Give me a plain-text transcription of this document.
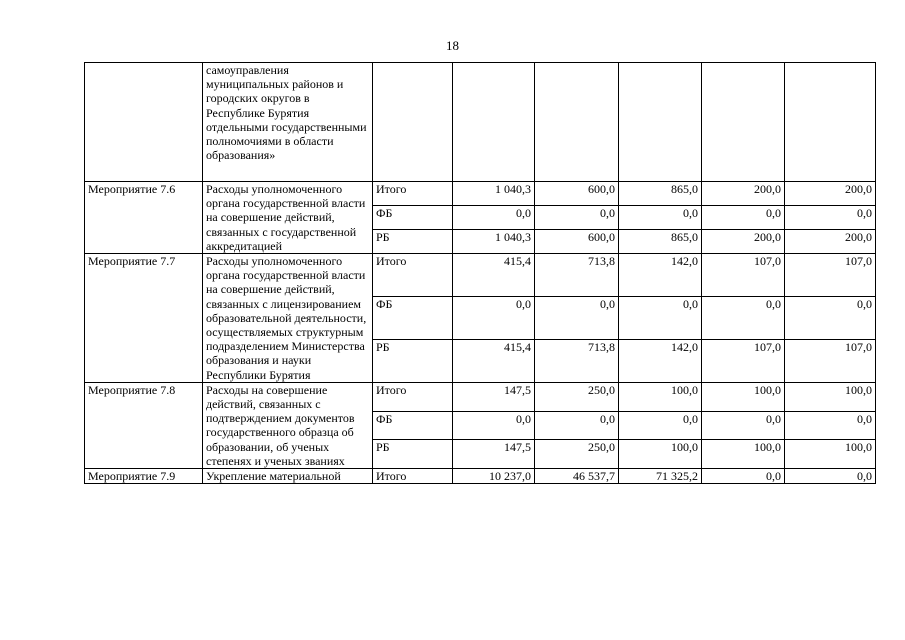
18
	самоуправления муниципальных районов и городских округов в Республике Бурятия отдельными государственными полномочиями в области образования»						
Мероприятие 7.6	Расходы уполномоченного органа государственной власти на совершение действий, связанных с государственной аккредитацией	Итого	1 040,3	600,0	865,0	200,0	200,0
		ФБ	0,0	0,0	0,0	0,0	0,0
		РБ	1 040,3	600,0	865,0	200,0	200,0
Мероприятие 7.7	Расходы уполномоченного органа государственной власти на совершение действий, связанных с лицензированием образовательной деятельности, осуществляемых структурным подразделением Министерства образования и науки Республики Бурятия	Итого	415,4	713,8	142,0	107,0	107,0
		ФБ	0,0	0,0	0,0	0,0	0,0
		РБ	415,4	713,8	142,0	107,0	107,0
Мероприятие 7.8	Расходы на совершение действий, связанных с подтверждением документов государственного образца об образовании, об ученых степенях и ученых званиях	Итого	147,5	250,0	100,0	100,0	100,0
		ФБ	0,0	0,0	0,0	0,0	0,0
		РБ	147,5	250,0	100,0	100,0	100,0
Мероприятие 7.9	Укрепление материальной	Итого	10 237,0	46 537,7	71 325,2	0,0	0,0
